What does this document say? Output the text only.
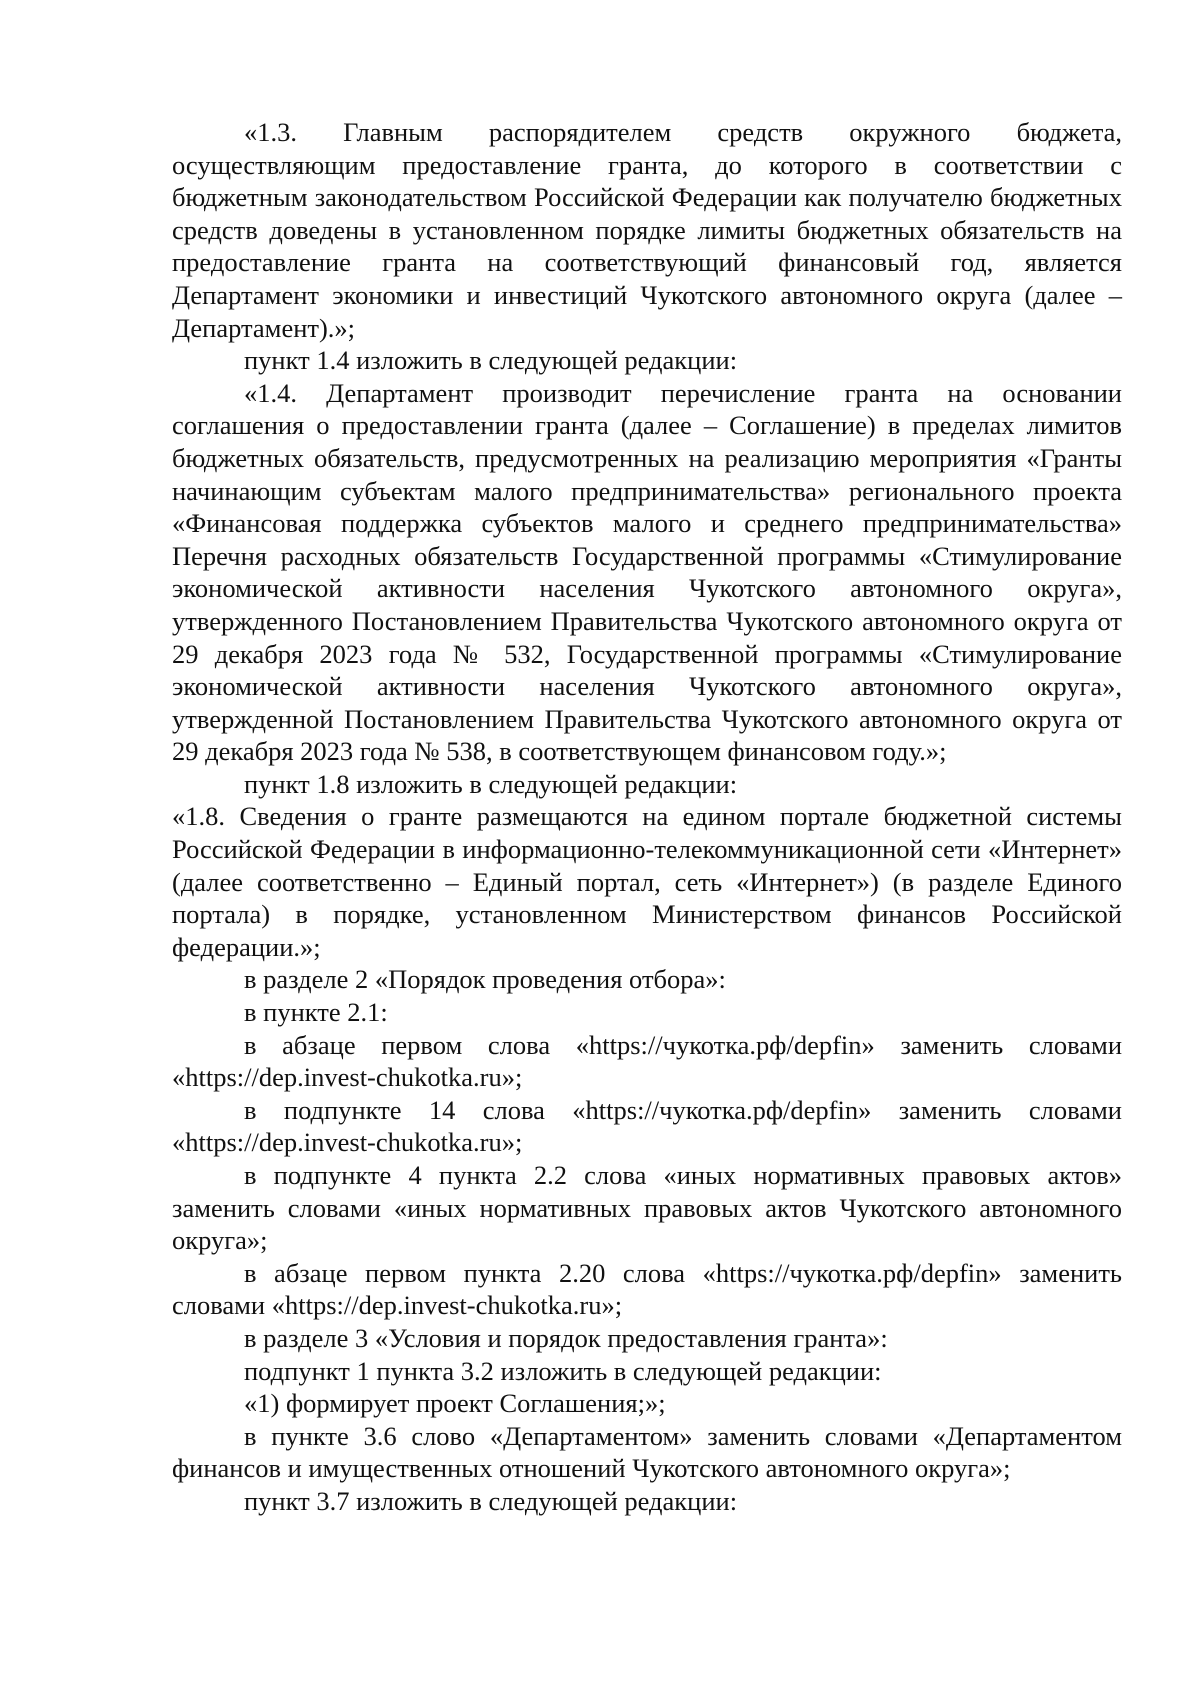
«1.3. Главным распорядителем средств окружного бюджета, осуществляющим предоставление гранта, до которого в соответствии с бюджетным законодательством Российской Федерации как получателю бюджетных средств доведены в установленном порядке лимиты бюджетных обязательств на предоставление гранта на соответствующий финансовый год, является Департамент экономики и инвестиций Чукотского автономного округа (далее – Департамент).»;

пункт 1.4 изложить в следующей редакции:

«1.4. Департамент производит перечисление гранта на основании соглашения о предоставлении гранта (далее – Соглашение) в пределах лимитов бюджетных обязательств, предусмотренных на реализацию мероприятия «Гранты начинающим субъектам малого предпринимательства» регионального проекта «Финансовая поддержка субъектов малого и среднего предпринимательства» Перечня расходных обязательств Государственной программы «Стимулирование экономической активности населения Чукотского автономного округа», утвержденного Постановлением Правительства Чукотского автономного округа от 29 декабря 2023 года № 532, Государственной программы «Стимулирование экономической активности населения Чукотского автономного округа», утвержденной Постановлением Правительства Чукотского автономного округа от 29 декабря 2023 года № 538, в соответствующем финансовом году.»;

пункт 1.8 изложить в следующей редакции:

«1.8. Сведения о гранте размещаются на едином портале бюджетной системы Российской Федерации в информационно-телекоммуникационной сети «Интернет» (далее соответственно – Единый портал, сеть «Интернет») (в разделе Единого портала) в порядке, установленном Министерством финансов Российской федерации.»;

в разделе 2 «Порядок проведения отбора»:

в пункте 2.1:

в абзаце первом слова «https://чукотка.рф/depfin» заменить словами «https://dep.invest-chukotka.ru»;

в подпункте 14 слова «https://чукотка.рф/depfin» заменить словами «https://dep.invest-chukotka.ru»;

в подпункте 4 пункта 2.2 слова «иных нормативных правовых актов» заменить словами «иных нормативных правовых актов Чукотского автономного округа»;

в абзаце первом пункта 2.20 слова «https://чукотка.рф/depfin» заменить словами «https://dep.invest-chukotka.ru»;

в разделе 3 «Условия и порядок предоставления гранта»:

подпункт 1 пункта 3.2 изложить в следующей редакции:

«1) формирует проект Соглашения;»;

в пункте 3.6 слово «Департаментом» заменить словами «Департаментом финансов и имущественных отношений Чукотского автономного округа»;

пункт 3.7 изложить в следующей редакции:
